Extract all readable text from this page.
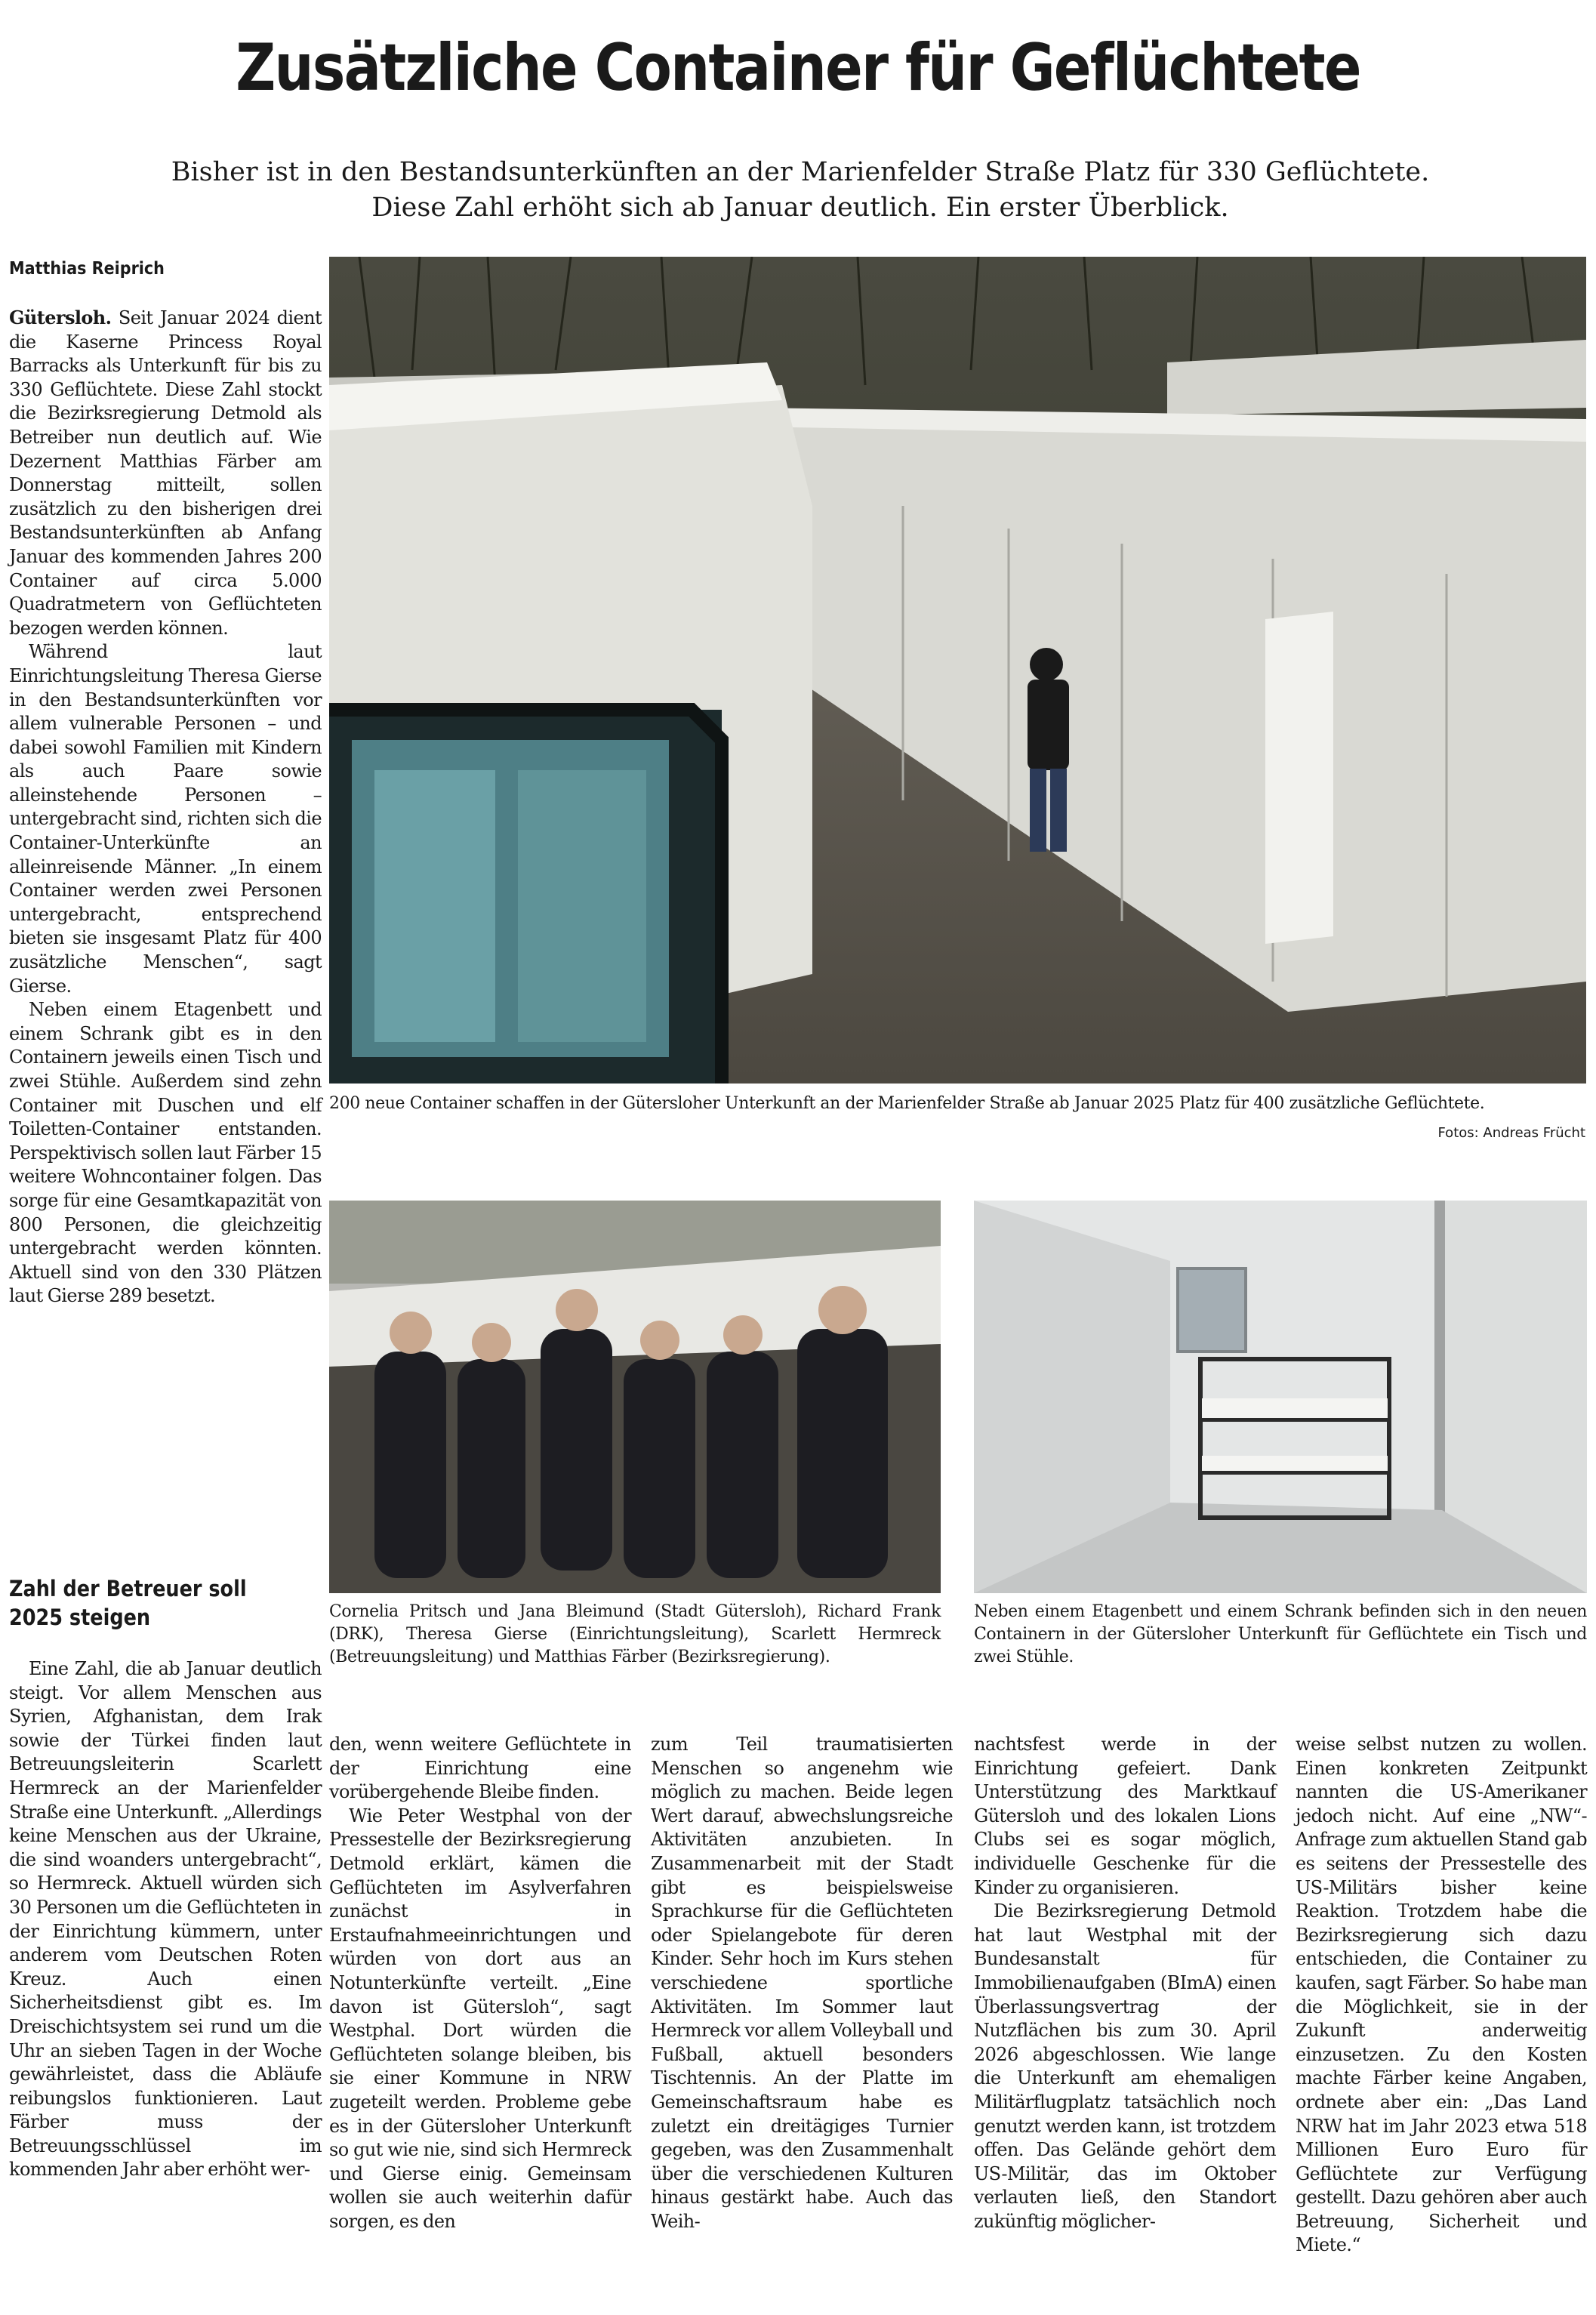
Zusätzliche Container für Geflüchtete
Bisher ist in den Bestandsunterkünften an der Marienfelder Straße Platz für 330 Geflüchtete.
Diese Zahl erhöht sich ab Januar deutlich. Ein erster Überblick.
Matthias Reiprich

Gütersloh. Seit Januar 2024 dient die Kaserne Princess Royal Barracks als Unterkunft für bis zu 330 Geflüchtete. Diese Zahl stockt die Bezirksregierung Detmold als Betreiber nun deutlich auf. Wie Dezernent Matthias Färber am Donnerstag mitteilt, sollen zusätzlich zu den bisherigen drei Bestandsunterkünften ab Anfang Januar des kommenden Jahres 200 Container auf circa 5.000 Quadratmetern von Geflüchteten bezogen werden können.

Während laut Einrichtungsleitung Theresa Gierse in den Bestandsunterkünften vor allem vulnerable Personen – und dabei sowohl Familien mit Kindern als auch Paare sowie alleinstehende Personen – untergebracht sind, richten sich die Container-Unterkünfte an alleinreisende Männer. „In einem Container werden zwei Personen untergebracht, entsprechend bieten sie insgesamt Platz für 400 zusätzliche Menschen“, sagt Gierse.

Neben einem Etagenbett und einem Schrank gibt es in den Containern jeweils einen Tisch und zwei Stühle. Außerdem sind zehn Container mit Duschen und elf Toiletten-Container entstanden. Perspektivisch sollen laut Färber 15 weitere Wohncontainer folgen. Das sorge für eine Gesamtkapazität von 800 Personen, die gleichzeitig untergebracht werden könnten. Aktuell sind von den 330 Plätzen laut Gierse 289 besetzt.

Zahl der Betreuer soll 2025 steigen

Eine Zahl, die ab Januar deutlich steigt. Vor allem Menschen aus Syrien, Afghanistan, dem Irak sowie der Türkei finden laut Betreuungsleiterin Scarlett Hermreck an der Marienfelder Straße eine Unterkunft. „Allerdings keine Menschen aus der Ukraine, die sind woanders untergebracht“, so Hermreck. Aktuell würden sich 30 Personen um die Geflüchteten in der Einrichtung kümmern, unter anderem vom Deutschen Roten Kreuz. Auch einen Sicherheitsdienst gibt es. Im Dreischichtsystem sei rund um die Uhr an sieben Tagen in der Woche gewährleistet, dass die Abläufe reibungslos funktionieren. Laut Färber muss der Betreuungsschlüssel im kommenden Jahr aber erhöht wer-

200 neue Container schaffen in der Gütersloher Unterkunft an der Marienfelder Straße ab Januar 2025 Platz für 400 zusätzliche Geflüchtete.
Fotos: Andreas Frücht
Cornelia Pritsch und Jana Bleimund (Stadt Gütersloh), Richard Frank (DRK), Theresa Gierse (Einrichtungsleitung), Scarlett Hermreck (Betreuungsleitung) und Matthias Färber (Bezirksregierung).
Neben einem Etagenbett und einem Schrank befinden sich in den neuen Containern in der Gütersloher Unterkunft für Geflüchtete ein Tisch und zwei Stühle.

den, wenn weitere Geflüchtete in der Einrichtung eine vorübergehende Bleibe finden.

Wie Peter Westphal von der Pressestelle der Bezirksregierung Detmold erklärt, kämen die Geflüchteten im Asylverfahren zunächst in Erstaufnahmeeinrichtungen und würden von dort aus an Notunterkünfte verteilt. „Eine davon ist Gütersloh“, sagt Westphal. Dort würden die Geflüchteten solange bleiben, bis sie einer Kommune in NRW zugeteilt werden. Probleme gebe es in der Gütersloher Unterkunft so gut wie nie, sind sich Hermreck und Gierse einig. Gemeinsam wollen sie auch weiterhin dafür sorgen, es den

zum Teil traumatisierten Menschen so angenehm wie möglich zu machen. Beide legen Wert darauf, abwechslungsreiche Aktivitäten anzubieten. In Zusammenarbeit mit der Stadt gibt es beispielsweise Sprachkurse für die Geflüchteten oder Spielangebote für deren Kinder. Sehr hoch im Kurs stehen verschiedene sportliche Aktivitäten. Im Sommer laut Hermreck vor allem Volleyball und Fußball, aktuell besonders Tischtennis. An der Platte im Gemeinschaftsraum habe es zuletzt ein dreitägiges Turnier gegeben, was den Zusammenhalt über die verschiedenen Kulturen hinaus gestärkt habe. Auch das Weih-

nachtsfest werde in der Einrichtung gefeiert. Dank Unterstützung des Marktkauf Gütersloh und des lokalen Lions Clubs sei es sogar möglich, individuelle Geschenke für die Kinder zu organisieren.

Die Bezirksregierung Detmold hat laut Westphal mit der Bundesanstalt für Immobilienaufgaben (BImA) einen Überlassungsvertrag der Nutzflächen bis zum 30. April 2026 abgeschlossen. Wie lange die Unterkunft am ehemaligen Militärflugplatz tatsächlich noch genutzt werden kann, ist trotzdem offen. Das Gelände gehört dem US-Militär, das im Oktober verlauten ließ, den Standort zukünftig möglicher-

weise selbst nutzen zu wollen. Einen konkreten Zeitpunkt nannten die US-Amerikaner jedoch nicht. Auf eine „NW“-Anfrage zum aktuellen Stand gab es seitens der Pressestelle des US-Militärs bisher keine Reaktion. Trotzdem habe die Bezirksregierung sich dazu entschieden, die Container zu kaufen, sagt Färber. So habe man die Möglichkeit, sie in der Zukunft anderweitig einzusetzen. Zu den Kosten machte Färber keine Angaben, ordnete aber ein: „Das Land NRW hat im Jahr 2023 etwa 518 Millionen Euro Euro für Geflüchtete zur Verfügung gestellt. Dazu gehören aber auch Betreuung, Sicherheit und Miete.“
